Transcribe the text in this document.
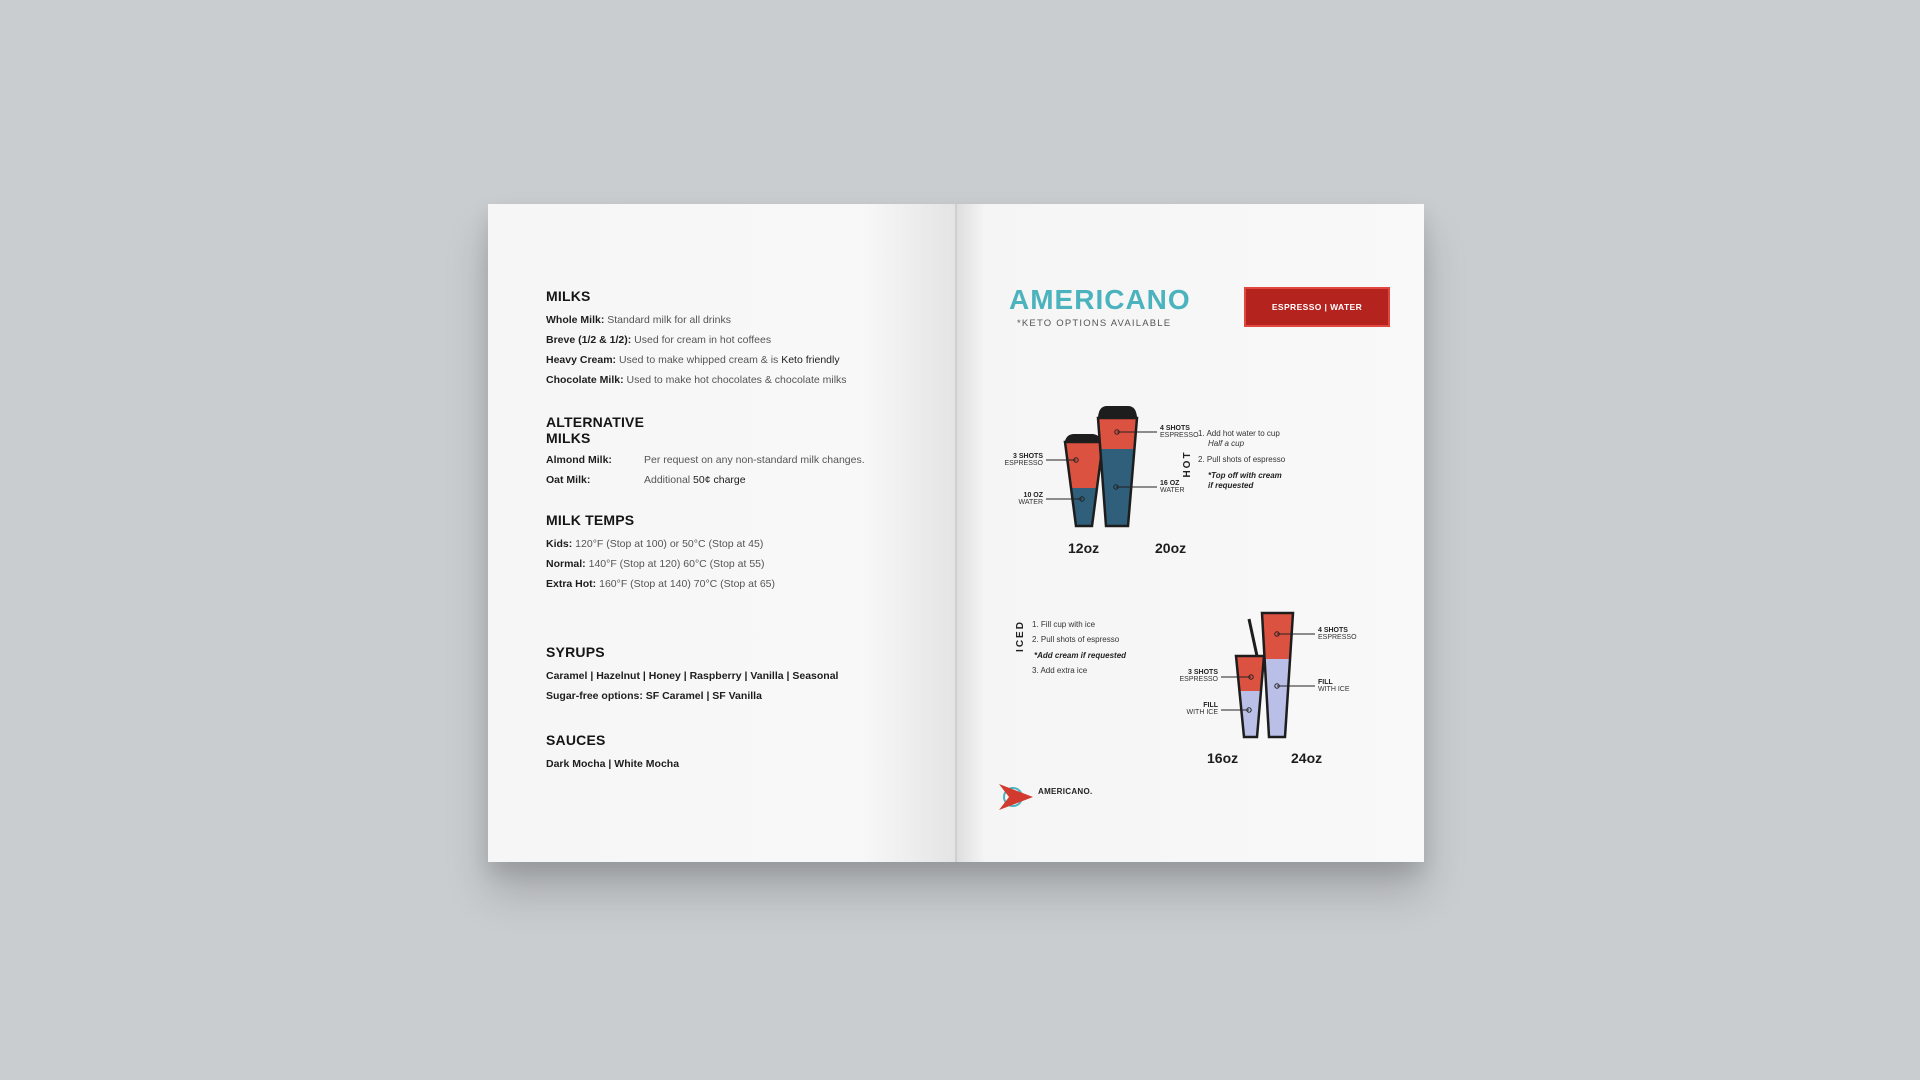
MILKS
Whole Milk: Standard milk for all drinks
Breve (1/2 & 1/2): Used for cream in hot coffees
Heavy Cream: Used to make whipped cream & is Keto friendly
Chocolate Milk: Used to make hot chocolates & chocolate milks
ALTERNATIVE
MILKS
Almond Milk:	Per request on any non-standard milk changes.
Oat Milk:	Additional 50¢ charge
MILK TEMPS
Kids: 120°F (Stop at 100) or 50°C (Stop at 45)
Normal: 140°F (Stop at 120) 60°C (Stop at 55)
Extra Hot: 160°F (Stop at 140) 70°C (Stop at 65)
SYRUPS
Caramel | Hazelnut | Honey | Raspberry | Vanilla | Seasonal
Sugar-free options: SF Caramel | SF Vanilla
SAUCES
Dark Mocha | White Mocha
AMERICANO
*KETO OPTIONS AVAILABLE
ESPRESSO | WATER
3 SHOTS
ESPRESSO
10 OZ
WATER
4 SHOTS
ESPRESSO
16 OZ
WATER
12oz	20oz
HOT
1. Add hot water to cup
Half a cup
2. Pull shots of espresso
*Top off with cream
if requested
ICED 1. Fill cup with ice
2. Pull shots of espresso
*Add cream if requested
3. Add extra ice	3 SHOTS
ESPRESSO
FILL
WITH ICE
4 SHOTS
ESPRESSO
FILL
WITH ICE
16oz	24oz
AMERICANO.
